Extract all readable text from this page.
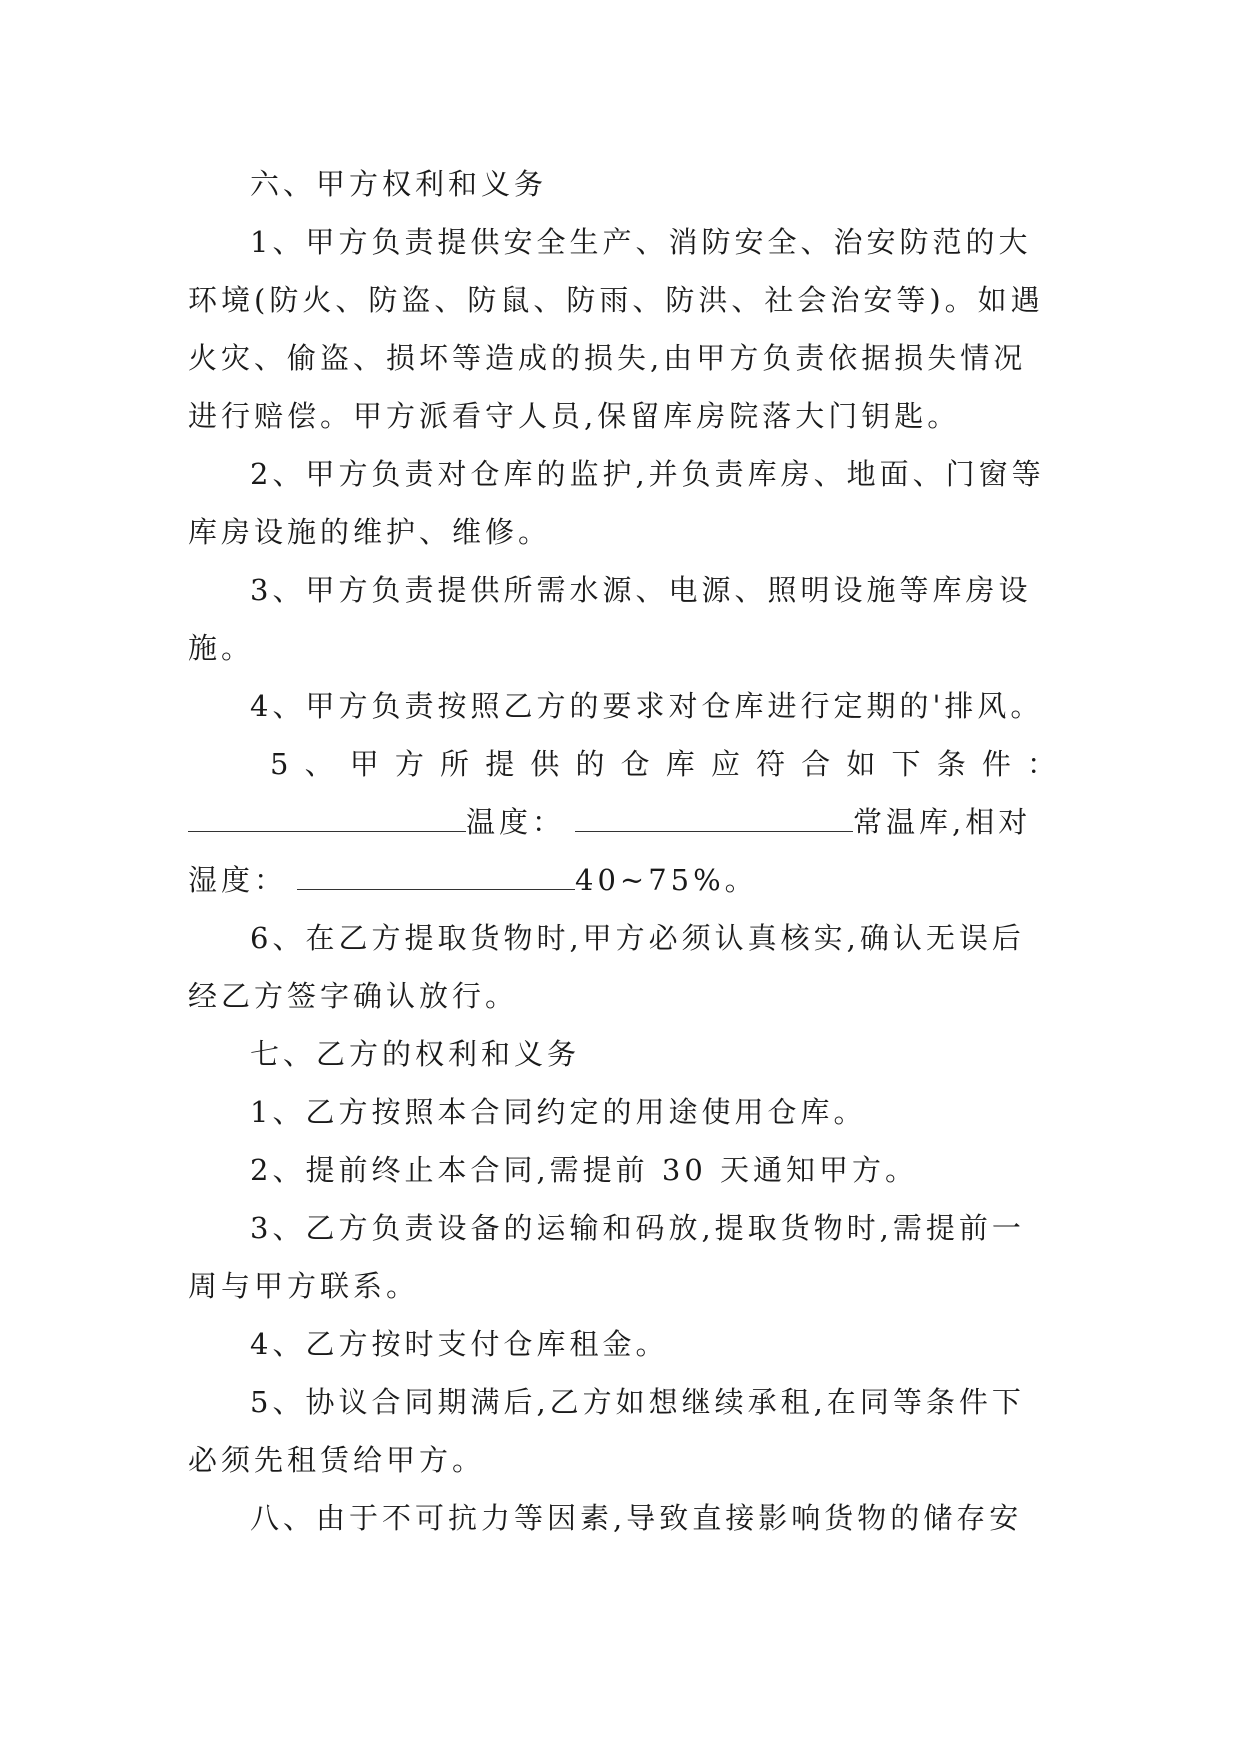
六、甲方权利和义务
1、甲方负责提供安全生产、消防安全、治安防范的大
环境(防火、防盗、防鼠、防雨、防洪、社会治安等)。如遇
火灾、偷盗、损坏等造成的损失,由甲方负责依据损失情况
进行赔偿。甲方派看守人员,保留库房院落大门钥匙。
2、甲方负责对仓库的监护,并负责库房、地面、门窗等
库房设施的维护、维修。
3、甲方负责提供所需水源、电源、照明设施等库房设
施。
4、甲方负责按照乙方的要求对仓库进行定期的'排风。
5、甲方所提供的仓库应符合如下条件：
温度：	常温库,相对
湿度：	40~75%。
6、在乙方提取货物时,甲方必须认真核实,确认无误后
经乙方签字确认放行。
七、乙方的权利和义务
1、乙方按照本合同约定的用途使用仓库。
2、提前终止本合同,需提前 30 天通知甲方。
3、乙方负责设备的运输和码放,提取货物时,需提前一
周与甲方联系。
4、乙方按时支付仓库租金。
5、协议合同期满后,乙方如想继续承租,在同等条件下
必须先租赁给甲方。
八、由于不可抗力等因素,导致直接影响货物的储存安
